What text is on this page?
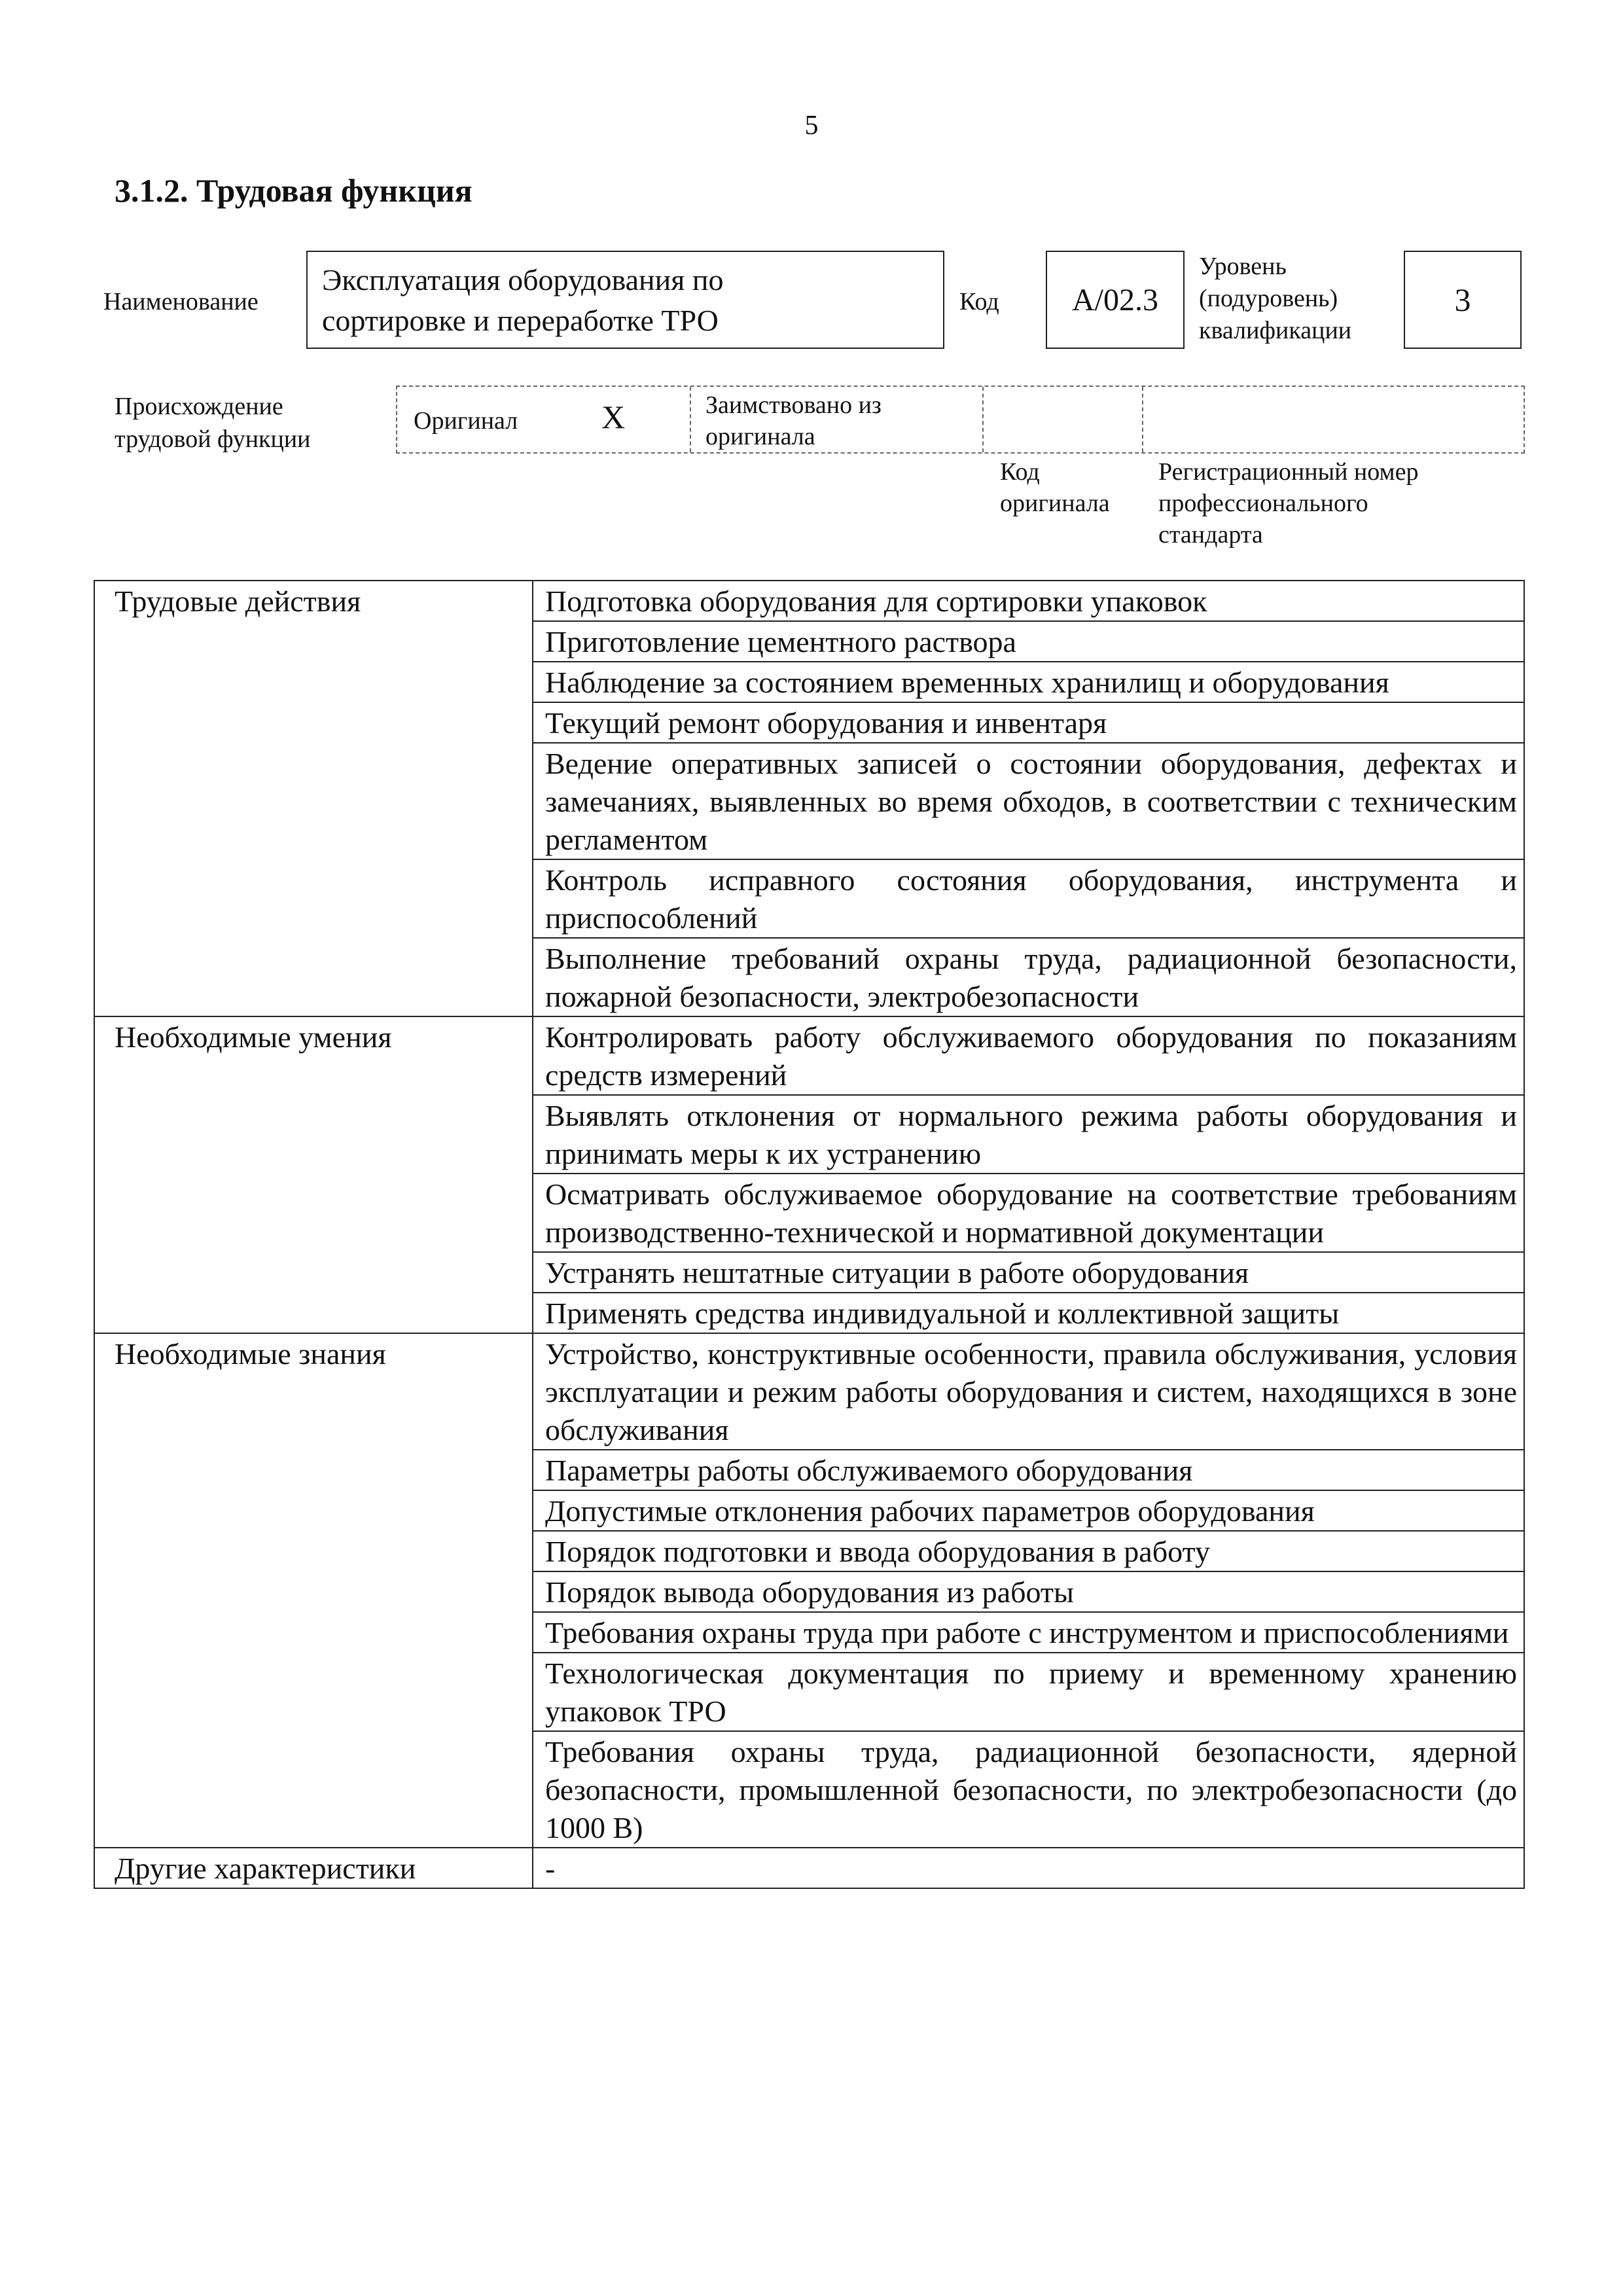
5
3.1.2. Трудовая функция
Наименование
Эксплуатация оборудования по
сортировке и переработке ТРО
Код А/02.3
Уровень
(подуровень)
квалификации
3
Происхождение
трудовой функции
Оригинал	X	Заимствовано из
оригинала
Код
оригинала
Регистрационный номер
профессионального
стандарта
Трудовые действия	Подготовка оборудования для сортировки упаковок
	Приготовление цементного раствора
	Наблюдение за состоянием временных хранилищ и оборудования
	Текущий ремонт оборудования и инвентаря
	Ведение оперативных записей о состоянии оборудования, дефектах и замечаниях, выявленных во время обходов, в соответствии с техническим регламентом
	Контроль исправного состояния оборудования, инструмента и приспособлений
	Выполнение требований охраны труда, радиационной безопасности, пожарной безопасности, электробезопасности
Необходимые умения	Контролировать работу обслуживаемого оборудования по показаниям средств измерений
	Выявлять отклонения от нормального режима работы оборудования и принимать меры к их устранению
	Осматривать обслуживаемое оборудование на соответствие требованиям производственно-технической и нормативной документации
	Устранять нештатные ситуации в работе оборудования
	Применять средства индивидуальной и коллективной защиты
Необходимые знания	Устройство, конструктивные особенности, правила обслуживания, условия эксплуатации и режим работы оборудования и систем, находящихся в зоне обслуживания
	Параметры работы обслуживаемого оборудования
	Допустимые отклонения рабочих параметров оборудования
	Порядок подготовки и ввода оборудования в работу
	Порядок вывода оборудования из работы
	Требования охраны труда при работе с инструментом и приспособлениями
	Технологическая документация по приему и временному хранению упаковок ТРО
	Требования охраны труда, радиационной безопасности, ядерной безопасности, промышленной безопасности, по электробезопасности (до 1000 В)
Другие характеристики	-
